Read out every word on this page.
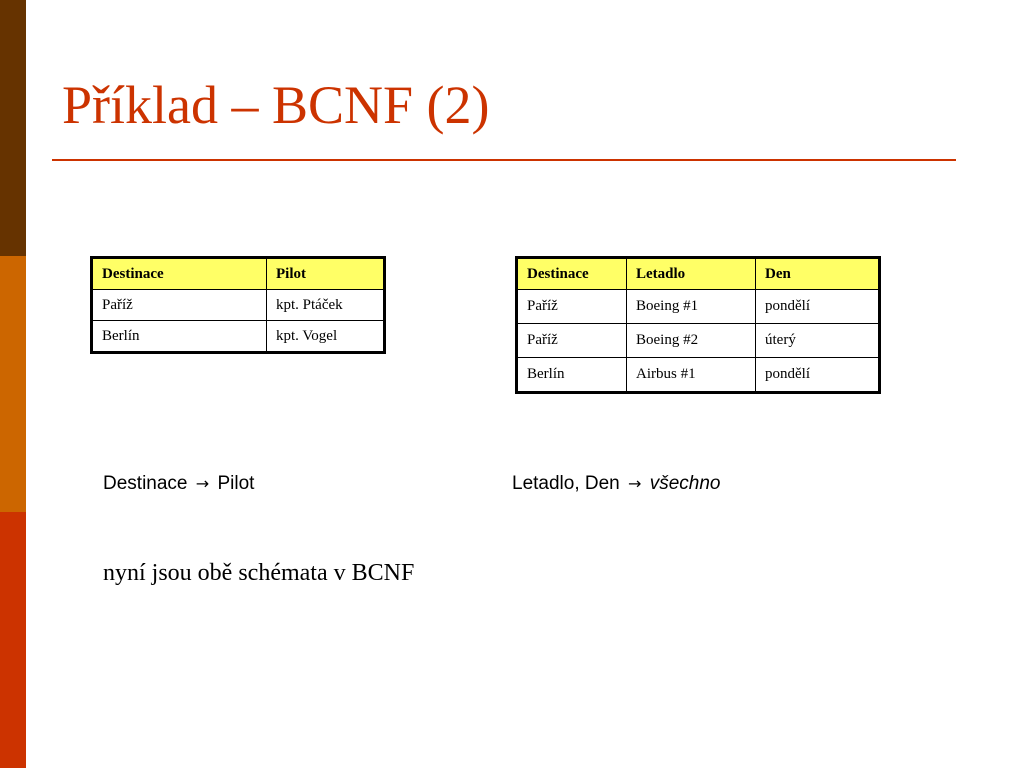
Příklad – BCNF (2)
Destinace	Pilot
Paříž	kpt. Ptáček
Berlín	kpt. Vogel
Destinace	Letadlo	Den
Paříž	Boeing #1	pondělí
Paříž	Boeing #2	úterý
Berlín	Airbus #1	pondělí
Destinace → Pilot	Letadlo, Den → všechno
nyní jsou obě schémata v BCNF
